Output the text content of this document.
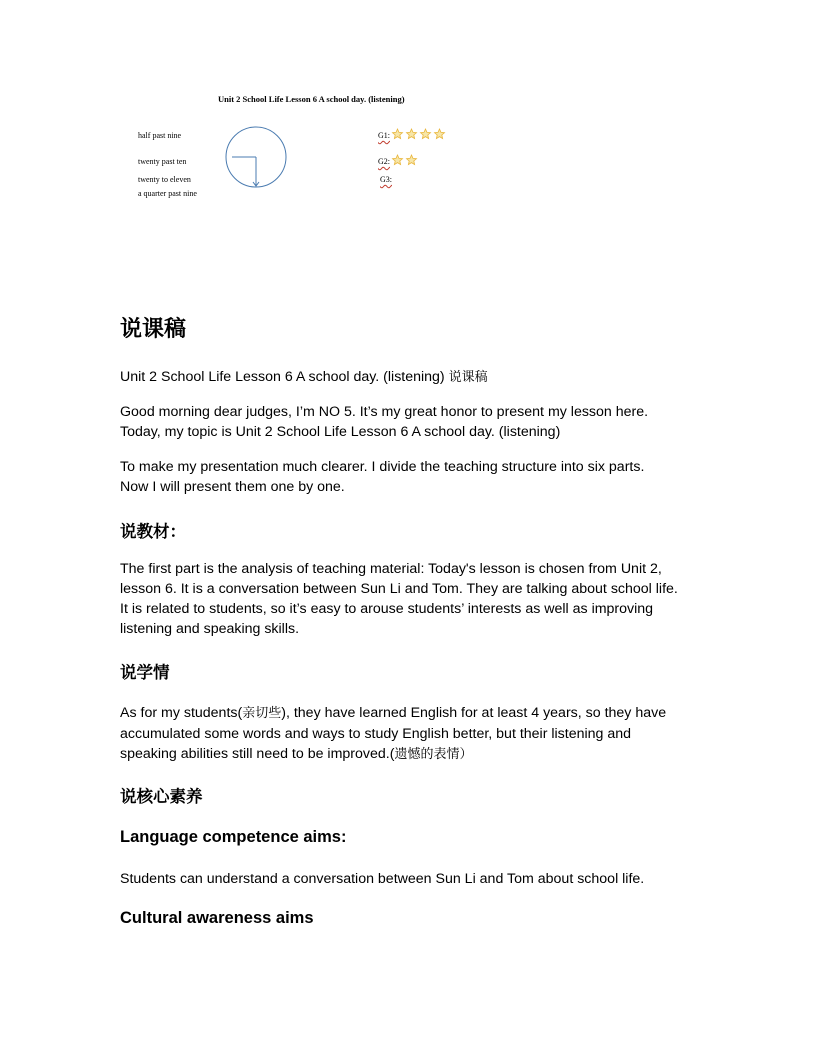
Unit 2 School Life Lesson 6 A school day. (listening)
half past nine
twenty past ten
twenty to eleven
a quarter past nine
G1:
G2:
G3:
说课稿
Unit 2 School Life Lesson 6 A school day. (listening) 说课稿
Good morning dear judges, I’m NO 5. It’s my great honor to present my lesson here.
Today, my topic is Unit 2 School Life Lesson 6 A school day. (listening)
To make my presentation much clearer. I divide the teaching structure into six parts.
Now I will present them one by one.
说教材：
The first part is the analysis of teaching material: Today's lesson is chosen from Unit 2,
lesson 6. It is a conversation between Sun Li and Tom. They are talking about school life.
It is related to students, so it’s easy to arouse students’ interests as well as improving
listening and speaking skills.
说学情
As for my students(亲切些), they have learned English for at least 4 years, so they have
accumulated some words and ways to study English better, but their listening and
speaking abilities still need to be improved.(遗憾的表情）
说核心素养
Language competence aims:
Students can understand a conversation between Sun Li and Tom about school life.
Cultural awareness aims
